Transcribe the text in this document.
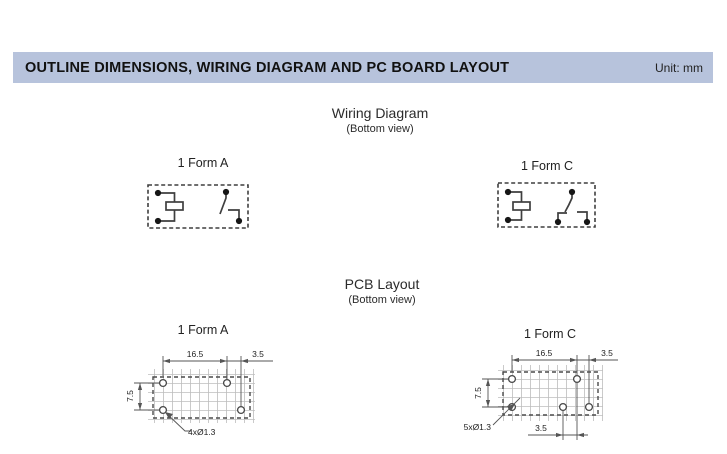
OUTLINE DIMENSIONS, WIRING DIAGRAM AND PC BOARD LAYOUT	Unit: mm
Wiring Diagram
(Bottom view)
1 Form A	1 Form C
PCB Layout
(Bottom view)
1 Form A	1 Form C
16.5	3.5
7.5
4xØ1.3
16.5	3.5
7.5
3.5
5xØ1.3
